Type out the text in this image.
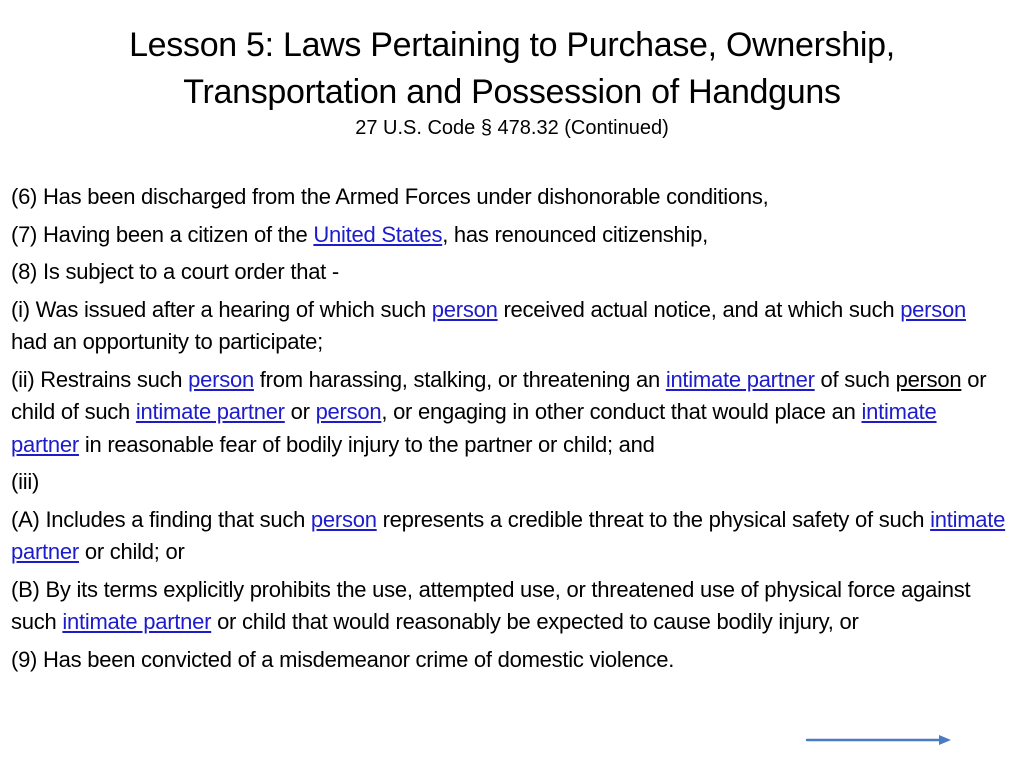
Lesson 5: Laws Pertaining to Purchase, Ownership,
Transportation and Possession of Handguns

27 U.S. Code § 478.32 (Continued)

(6) Has been discharged from the Armed Forces under dishonorable conditions,

(7) Having been a citizen of the United States, has renounced citizenship,

(8) Is subject to a court order that -

(i) Was issued after a hearing of which such person received actual notice, and at which such person had an opportunity to participate;

(ii) Restrains such person from harassing, stalking, or threatening an intimate partner of such person or child of such intimate partner or person, or engaging in other conduct that would place an intimate partner in reasonable fear of bodily injury to the partner or child; and

(iii)

(A) Includes a finding that such person represents a credible threat to the physical safety of such intimate partner or child; or

(B) By its terms explicitly prohibits the use, attempted use, or threatened use of physical force against such intimate partner or child that would reasonably be expected to cause bodily injury, or

(9) Has been convicted of a misdemeanor crime of domestic violence.
